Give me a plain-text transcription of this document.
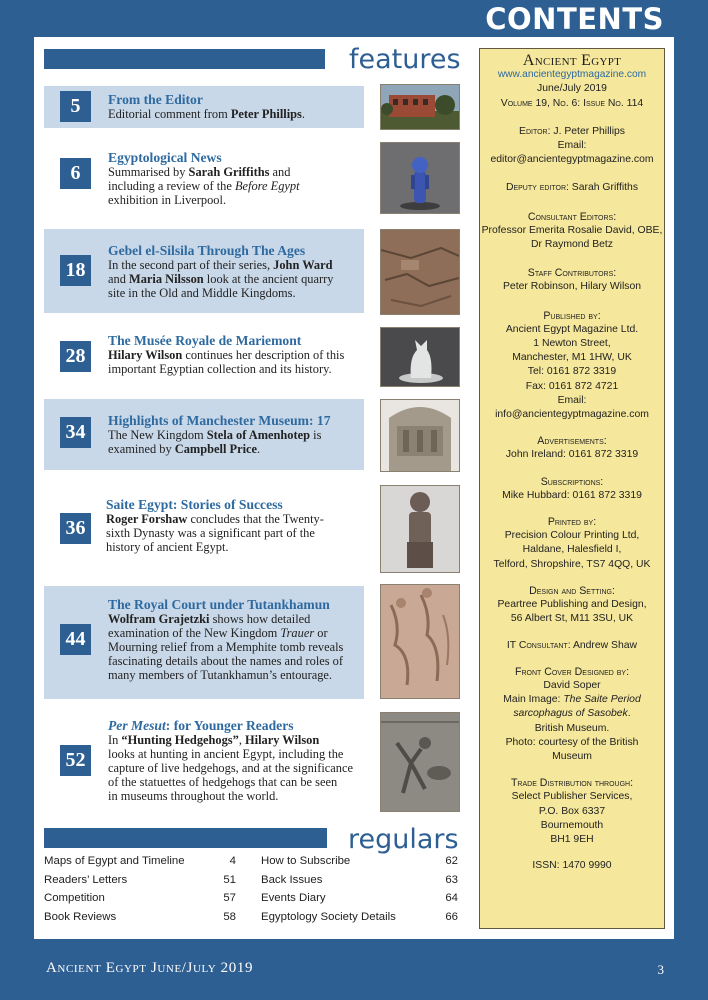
CONTENTS
features
5	From the Editor
Editorial comment from Peter Phillips.
6
Egyptological News
Summarised by Sarah Griffiths and
including a review of the Before Egypt
exhibition in Liverpool.
18
Gebel el-Silsila Through The Ages
In the second part of their series, John Ward
and Maria Nilsson look at the ancient quarry
site in the Old and Middle Kingdoms.
28
The Musée Royale de Mariemont
Hilary Wilson continues her description of this
important Egyptian collection and its history.
34
Highlights of Manchester Museum: 17
The New Kingdom Stela of Amenhotep is
examined by Campbell Price.
36
Saite Egypt: Stories of Success
Roger Forshaw concludes that the Twenty-
sixth Dynasty was a significant part of the
history of ancient Egypt.
44
The Royal Court under Tutankhamun
Wolfram Grajetzki shows how detailed
examination of the New Kingdom Trauer or
Mourning relief from a Memphite tomb reveals
fascinating details about the names and roles of
many members of Tutankhamun’s entourage.
52
Per Mesut: for Younger Readers
In “Hunting Hedgehogs”, Hilary Wilson
looks at hunting in ancient Egypt, including the
capture of live hedgehogs, and at the significance
of the statuettes of hedgehogs that can be seen
in museums throughout the world.
regulars
Maps of Egypt and Timeline	4
Readers’ Letters	51
Competition	57
Book Reviews	58
How to Subscribe	62
Back Issues	63
Events Diary	64
Egyptology Society Details	66
Ancient Egypt
www.ancientegyptmagazine.com
June/July 2019
Volume 19, No. 6: Issue No. 114
Editor: J. Peter Phillips
Email: editor@ancientegyptmagazine.com
Deputy editor: Sarah Griffiths
Consultant Editors:
Professor Emerita Rosalie David, OBE,
Dr Raymond Betz
Staff Contributors:
Peter Robinson, Hilary Wilson
Published by:
Ancient Egypt Magazine Ltd.
1 Newton Street,
Manchester, M1 1HW, UK
Tel: 0161 872 3319
Fax: 0161 872 4721
Email: info@ancientegyptmagazine.com
Advertisements:
John Ireland: 0161 872 3319
Subscriptions:
Mike Hubbard: 0161 872 3319
Printed by:
Precision Colour Printing Ltd,
Haldane, Halesfield I,
Telford, Shropshire, TS7 4QQ, UK
Design and Setting:
Peartree Publishing and Design,
56 Albert St, M11 3SU, UK
IT Consultant: Andrew Shaw
Front Cover Designed by:
David Soper
Main Image: The Saite Period
sarcophagus of Sasobek.
British Museum.
Photo: courtesy of the British
Museum
Trade Distribution through:
Select Publisher Services,
P.O. Box 6337
Bournemouth
BH1 9EH
ISSN: 1470 9990
Ancient Egypt June/July 2019	3
